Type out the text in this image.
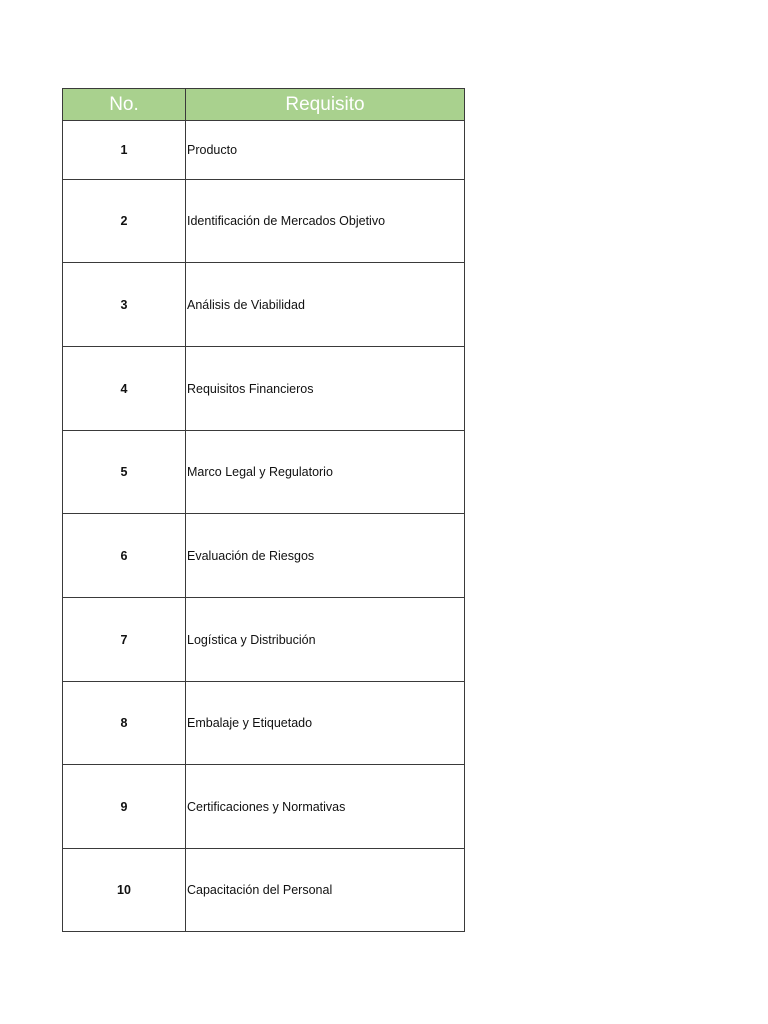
No.	Requisito
1	Producto
2	Identificación de Mercados Objetivo
3	Análisis de Viabilidad
4	Requisitos Financieros
5	Marco Legal y Regulatorio
6	Evaluación de Riesgos
7	Logística y Distribución
8	Embalaje y Etiquetado
9	Certificaciones y Normativas
10	Capacitación del Personal
